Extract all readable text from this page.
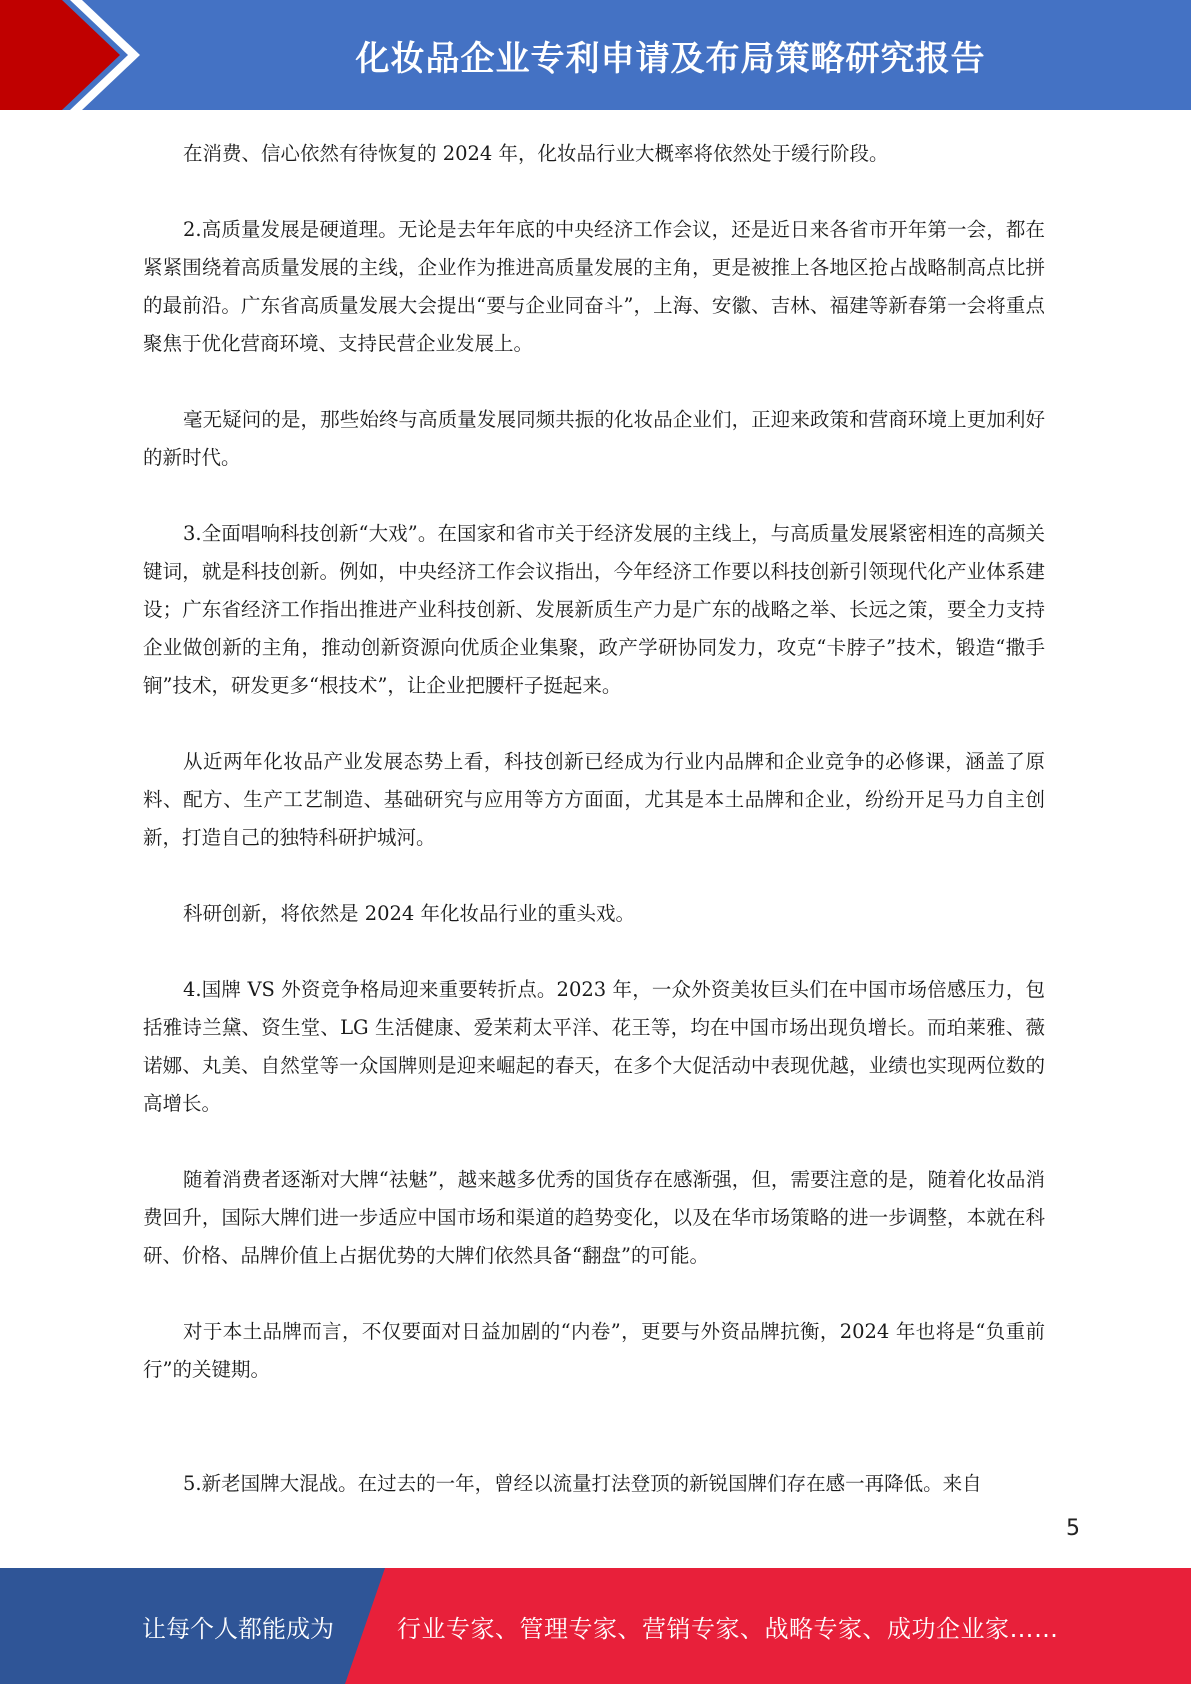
化妆品企业专利申请及布局策略研究报告

在消费、信心依然有待恢复的 2024 年，化妆品行业大概率将依然处于缓行阶段。

2.高质量发展是硬道理。无论是去年年底的中央经济工作会议，还是近日来各省市开年第一会，都在紧紧围绕着高质量发展的主线，企业作为推进高质量发展的主角，更是被推上各地区抢占战略制高点比拼的最前沿。广东省高质量发展大会提出“要与企业同奋斗”，上海、安徽、吉林、福建等新春第一会将重点聚焦于优化营商环境、支持民营企业发展上。

毫无疑问的是，那些始终与高质量发展同频共振的化妆品企业们，正迎来政策和营商环境上更加利好的新时代。

3.全面唱响科技创新“大戏”。在国家和省市关于经济发展的主线上，与高质量发展紧密相连的高频关键词，就是科技创新。例如，中央经济工作会议指出，今年经济工作要以科技创新引领现代化产业体系建设；广东省经济工作指出推进产业科技创新、发展新质生产力是广东的战略之举、长远之策，要全力支持企业做创新的主角，推动创新资源向优质企业集聚，政产学研协同发力，攻克“卡脖子”技术，锻造“撒手锏”技术，研发更多“根技术”，让企业把腰杆子挺起来。

从近两年化妆品产业发展态势上看，科技创新已经成为行业内品牌和企业竞争的必修课，涵盖了原料、配方、生产工艺制造、基础研究与应用等方方面面，尤其是本土品牌和企业，纷纷开足马力自主创新，打造自己的独特科研护城河。

科研创新，将依然是 2024 年化妆品行业的重头戏。

4.国牌 VS 外资竞争格局迎来重要转折点。2023 年，一众外资美妆巨头们在中国市场倍感压力，包括雅诗兰黛、资生堂、LG 生活健康、爱茉莉太平洋、花王等，均在中国市场出现负增长。而珀莱雅、薇诺娜、丸美、自然堂等一众国牌则是迎来崛起的春天，在多个大促活动中表现优越，业绩也实现两位数的高增长。

随着消费者逐渐对大牌“祛魅”，越来越多优秀的国货存在感渐强，但，需要注意的是，随着化妆品消费回升，国际大牌们进一步适应中国市场和渠道的趋势变化，以及在华市场策略的进一步调整，本就在科研、价格、品牌价值上占据优势的大牌们依然具备“翻盘”的可能。

对于本土品牌而言，不仅要面对日益加剧的“内卷”，更要与外资品牌抗衡，2024 年也将是“负重前行”的关键期。

5.新老国牌大混战。在过去的一年，曾经以流量打法登顶的新锐国牌们存在感一再降低。来自

5
让每个人都能成为	行业专家、管理专家、营销专家、战略专家、成功企业家……
